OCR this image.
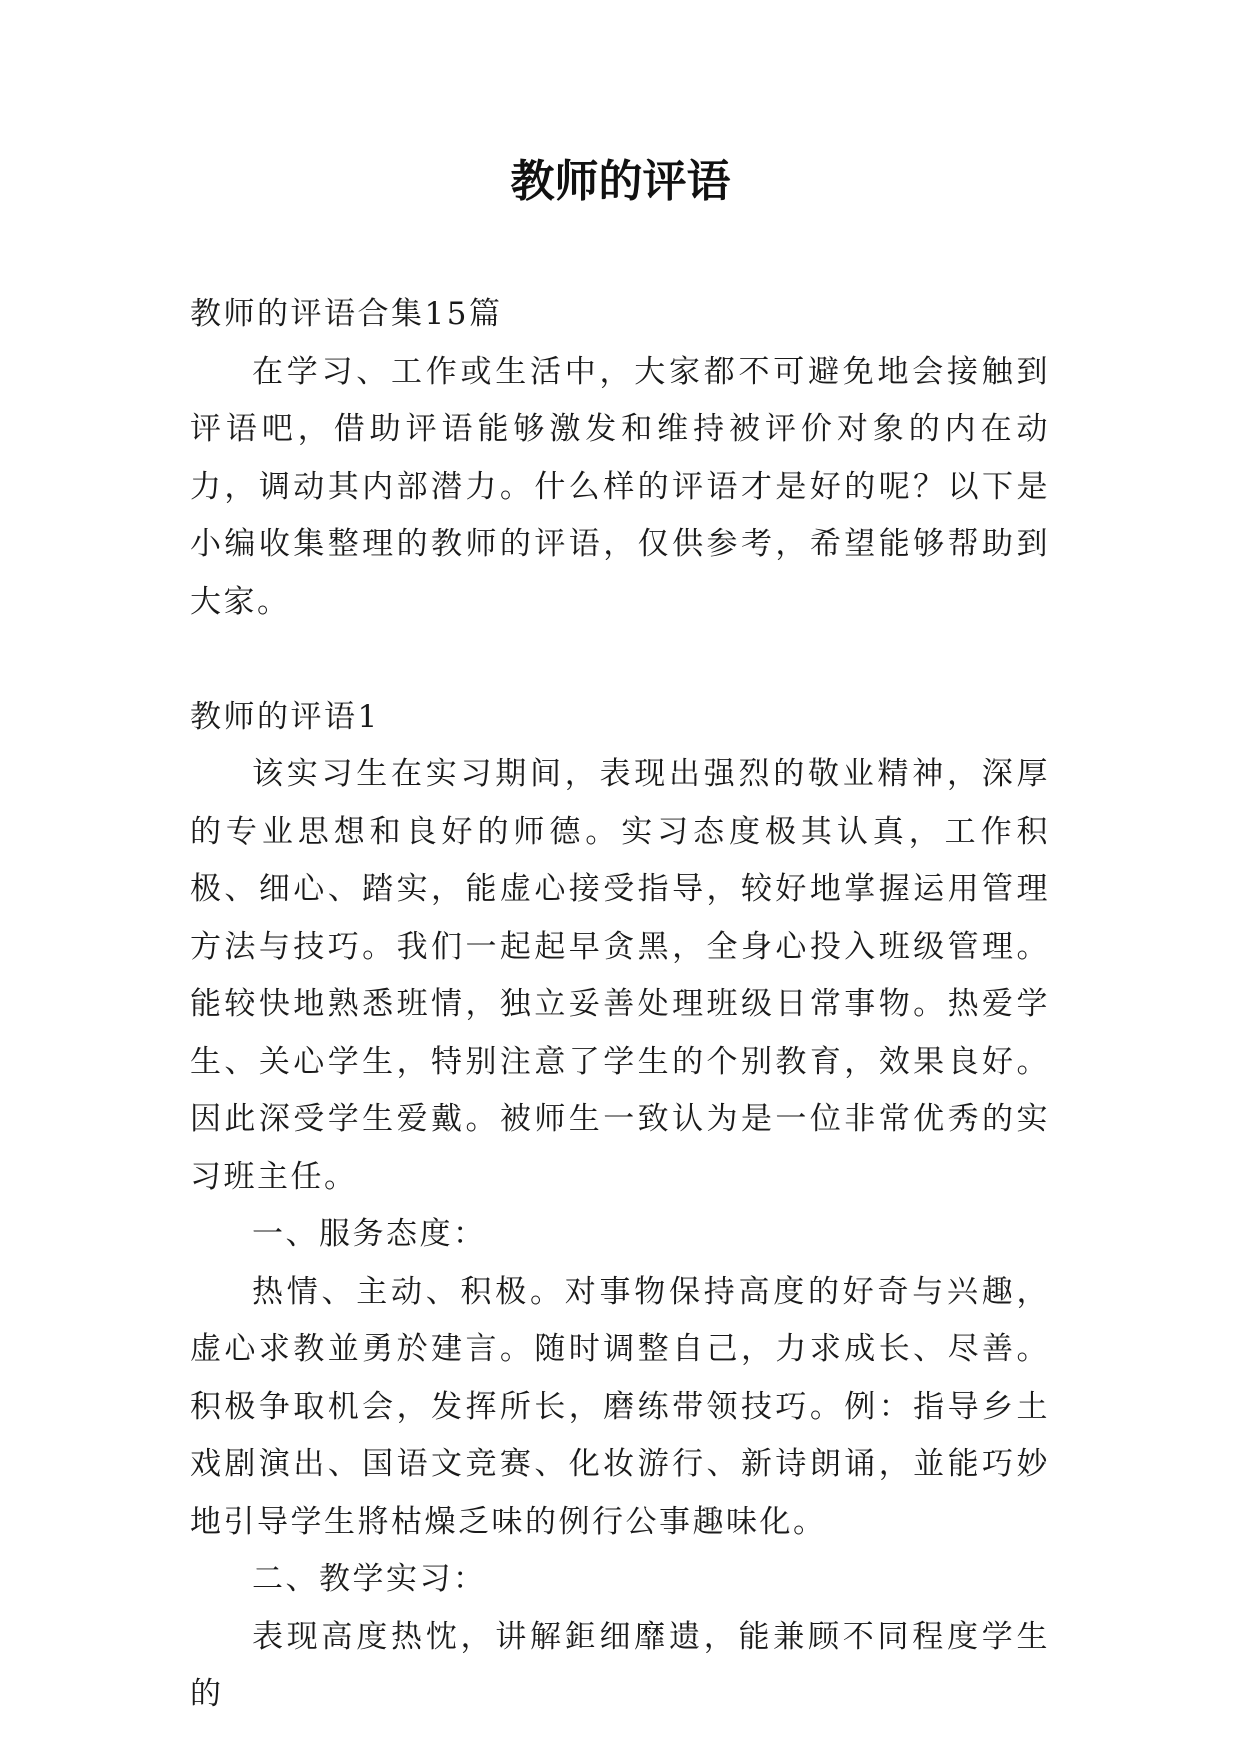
教师的评语

教师的评语合集15篇

在学习、工作或生活中，大家都不可避免地会接触到评语吧，借助评语能够激发和维持被评价对象的内在动力，调动其内部潜力。什么样的评语才是好的呢？以下是小编收集整理的教师的评语，仅供参考，希望能够帮助到大家。

教师的评语1

该实习生在实习期间，表现出强烈的敬业精神，深厚的专业思想和良好的师德。实习态度极其认真，工作积极、细心、踏实，能虚心接受指导，较好地掌握运用管理方法与技巧。我们一起起早贪黑，全身心投入班级管理。能较快地熟悉班情，独立妥善处理班级日常事物。热爱学生、关心学生，特别注意了学生的个别教育，效果良好。因此深受学生爱戴。被师生一致认为是一位非常优秀的实习班主任。

一、服务态度：

热情、主动、积极。对事物保持高度的好奇与兴趣，虚心求教並勇於建言。随时调整自己，力求成长、尽善。积极争取机会，发挥所长，磨练带领技巧。例：指导乡土戏剧演出、国语文竞赛、化妆游行、新诗朗诵，並能巧妙地引导学生將枯燥乏味的例行公事趣味化。

二、教学实习：

表现高度热忱，讲解鉅细靡遗，能兼顾不同程度学生的
